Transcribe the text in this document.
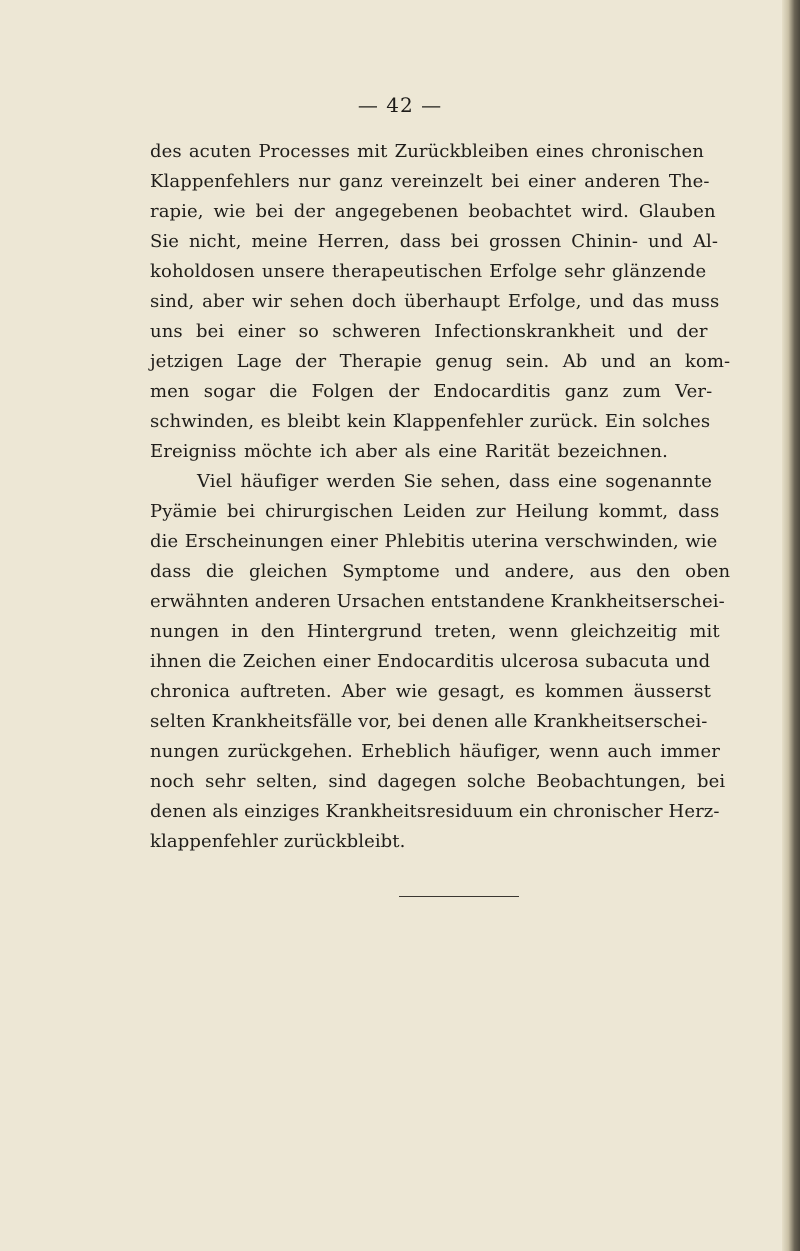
— 42 —
des acuten Processes mit Zurückbleiben eines chronischen
Klappenfehlers nur ganz vereinzelt bei einer anderen The-
rapie, wie bei der angegebenen beobachtet wird. Glauben
Sie nicht, meine Herren, dass bei grossen Chinin- und Al-
koholdosen unsere therapeutischen Erfolge sehr glänzende
sind, aber wir sehen doch überhaupt Erfolge, und das muss
uns bei einer so schweren Infectionskrankheit und der
jetzigen Lage der Therapie genug sein. Ab und an kom-
men sogar die Folgen der Endocarditis ganz zum Ver-
schwinden, es bleibt kein Klappenfehler zurück. Ein solches
Ereigniss möchte ich aber als eine Rarität bezeichnen.
Viel häufiger werden Sie sehen, dass eine sogenannte
Pyämie bei chirurgischen Leiden zur Heilung kommt, dass
die Erscheinungen einer Phlebitis uterina verschwinden, wie
dass die gleichen Symptome und andere, aus den oben
erwähnten anderen Ursachen entstandene Krankheitserschei-
nungen in den Hintergrund treten, wenn gleichzeitig mit
ihnen die Zeichen einer Endocarditis ulcerosa subacuta und
chronica auftreten. Aber wie gesagt, es kommen äusserst
selten Krankheitsfälle vor, bei denen alle Krankheitserschei-
nungen zurückgehen. Erheblich häufiger, wenn auch immer
noch sehr selten, sind dagegen solche Beobachtungen, bei
denen als einziges Krankheitsresiduum ein chronischer Herz-
klappenfehler zurückbleibt.
